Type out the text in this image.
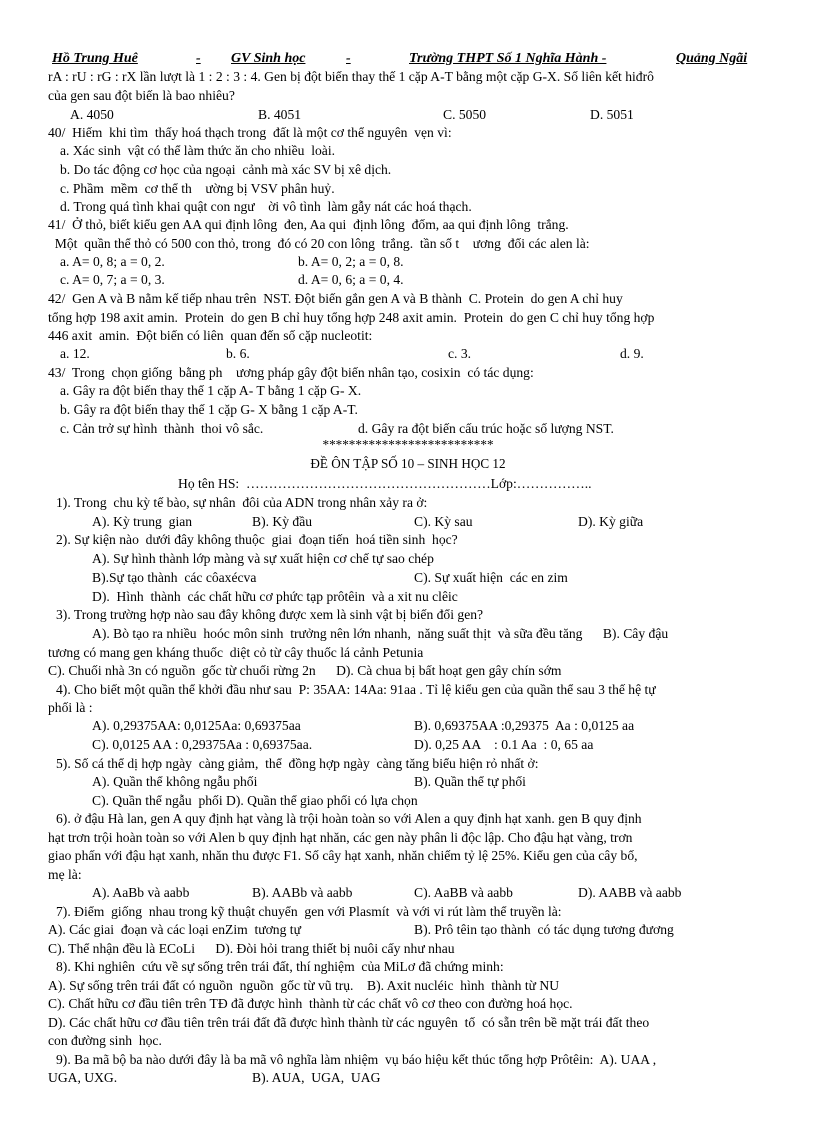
Hồ Trung Huê	- GV Sinh học	-	Trường THPT Số 1 Nghĩa Hành -	Quảng Ngãi
rA : rU : rG : rX lần lượt là 1 : 2 : 3 : 4. Gen bị đột biến thay thế 1 cặp A-T bằng một cặp G-X. Số liên kết hiđrô
của gen sau đột biến là bao nhiêu?
A. 4050	B. 4051	C. 5050	D. 5051
40/  Hiếm  khi tìm  thấy hoá thạch trong  đất là một cơ thể nguyên  vẹn vì:
a. Xác sinh  vật có thể làm thức ăn cho nhiều  loài.
b. Do tác động cơ học của ngoại  cảnh mà xác SV bị xê dịch.
c. Phầm  mềm  cơ thể th    ường bị VSV phân huỷ.
d. Trong quá tình khai quật con ngư    ời vô tình  làm gẫy nát các hoá thạch.
41/  Ở thỏ, biết kiểu gen AA qui định lông  đen, Aa qui  định lông  đốm, aa qui định lông  trắng.
Một  quần thể thỏ có 500 con thỏ, trong  đó có 20 con lông  trắng.  tần số t    ương  đối các alen là:
a. A= 0, 8; a = 0, 2.	b. A= 0, 2; a = 0, 8.
c. A= 0, 7; a = 0, 3.	d. A= 0, 6; a = 0, 4.
42/  Gen A và B nằm kế tiếp nhau trên  NST. Đột biến gắn gen A và B thành  C. Protein  do gen A chỉ huy
tổng hợp 198 axit amin.  Protein  do gen B chỉ huy tổng hợp 248 axit amin.  Protein  do gen C chỉ huy tổng hợp
446 axit  amin.  Đột biến có liên  quan đến số cặp nucleotit:
a. 12.	b. 6.	c. 3.	d. 9.
43/  Trong  chọn giống  bằng ph    ương pháp gây đột biến nhân tạo, cosixin  có tác dụng:
a. Gây ra đột biến thay thế 1 cặp A- T bằng 1 cặp G- X.
b. Gây ra đột biến thay thế 1 cặp G- X bằng 1 cặp A-T.
c. Cản trở sự hình  thành  thoi vô sắc.	d. Gây ra đột biến cấu trúc hoặc số lượng NST.
**************************
ĐỀ ÔN TẬP SỐ 10 – SINH HỌC 12
Họ tên HS:  ………………………………………………Lớp:……………..
1). Trong  chu kỳ tế bào, sự nhân  đôi của ADN trong nhân xảy ra ở:
A). Kỳ trung  gian	B). Kỳ đầu	C). Kỳ sau	D). Kỳ giữa
2). Sự kiện nào  dưới đây không thuộc  giai  đoạn tiến  hoá tiền sinh  học?
A). Sự hình thành lớp màng và sự xuất hiện cơ chế tự sao chép
B).Sự tạo thành  các côaxécva	C). Sự xuất hiện  các en zim
D).  Hình  thành  các chất hữu cơ phức tạp prôtêin  và a xit nu clêic
3). Trong trường hợp nào sau đây không được xem là sinh vật bị biến đổi gen?
A). Bò tạo ra nhiều  hoóc môn sinh  trưởng nên lớn nhanh,  năng suất thịt  và sữa đều tăng      B). Cây đậu
tương có mang gen kháng thuốc  diệt cỏ từ cây thuốc lá cảnh Petunia
C). Chuối nhà 3n có nguồn  gốc từ chuối rừng 2n      D). Cà chua bị bất hoạt gen gây chín sớm
4). Cho biết một quần thể khởi đầu như sau  P: 35AA: 14Aa: 91aa . Tỉ lệ kiểu gen của quần thể sau 3 thế hệ tự
phối là :
A). 0,29375AA: 0,0125Aa: 0,69375aa	B). 0,69375AA :0,29375  Aa : 0,0125 aa
C). 0,0125 AA : 0,29375Aa : 0,69375aa.	D). 0,25 AA    : 0.1 Aa  : 0, 65 aa
5). Số cá thể dị hợp ngày  càng giảm,  thể  đồng hợp ngày  càng tăng biểu hiện rỏ nhất ở:
A). Quần thể không ngẫu phối	B). Quần thể tự phối
C). Quần thể ngẫu  phối D). Quần thể giao phối có lựa chọn
6). ở đậu Hà lan, gen A quy định hạt vàng là trội hoàn toàn so với Alen a quy định hạt xanh. gen B quy định
hạt trơn trội hoàn toàn so với Alen b quy định hạt nhăn, các gen này phân li độc lập. Cho đậu hạt vàng, trơn
giao phấn với đậu hạt xanh, nhăn thu được F1. Số cây hạt xanh, nhăn chiếm tỷ lệ 25%. Kiểu gen của cây bố,
mẹ là:
A). AaBb và aabb	B). AABb và aabb	C). AaBB và aabb	D). AABB và aabb
7). Điểm  giống  nhau trong kỹ thuật chuyển  gen với Plasmít  và với vi rút làm thể truyền là:
A). Các giai  đoạn và các loại enZim  tương tự	B). Prô têin tạo thành  có tác dụng tương đương
C). Thể nhận đều là ECoLi      D). Đòi hỏi trang thiết bị nuôi cấy như nhau
8). Khi nghiên  cứu về sự sống trên trái đất, thí nghiệm  của MiLơ đã chứng minh:
A). Sự sống trên trái đất có nguồn  nguồn  gốc từ vũ trụ.    B). Axit nucléic  hình  thành từ NU
C). Chất hữu cơ đầu tiên trên TĐ đã được hình  thành từ các chất vô cơ theo con đường hoá học.
D). Các chất hữu cơ đầu tiên trên trái đất đã được hình thành từ các nguyên  tố  có sẵn trên bề mặt trái đất theo
con đường sinh  học.
9). Ba mã bộ ba nào dưới đây là ba mã vô nghĩa làm nhiệm  vụ báo hiệu kết thúc tổng hợp Prôtêin:  A). UAA ,
UGA, UXG.	B). AUA,  UGA,  UAG
